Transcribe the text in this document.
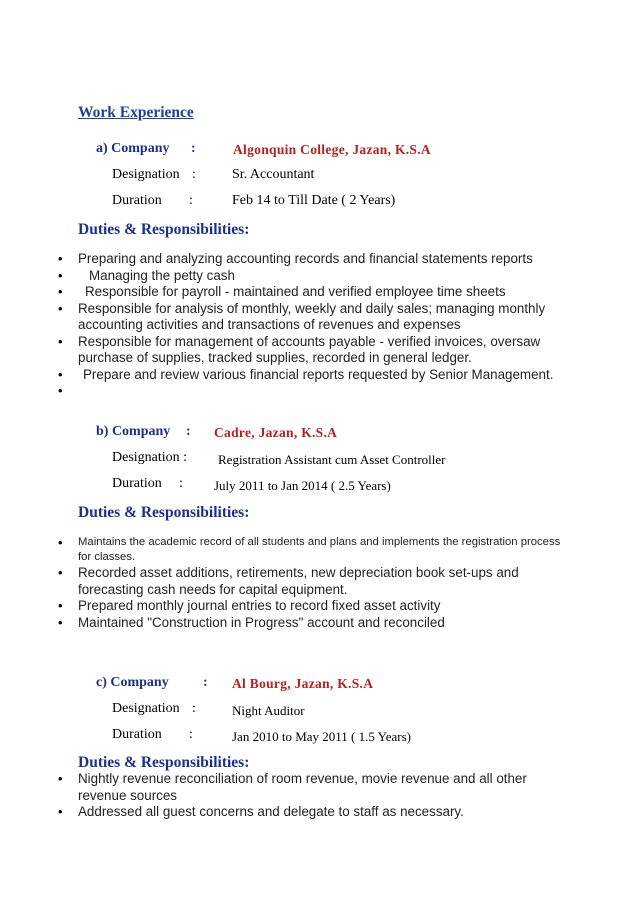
Work Experience
a) Company :	Algonquin College, Jazan, K.S.A
Designation :	Sr. Accountant
Duration :	Feb 14 to Till Date ( 2 Years)
Duties & Responsibilities:
• Preparing and analyzing accounting records and financial statements reports
• Managing the petty cash
• Responsible for payroll - maintained and verified employee time sheets
• Responsible for analysis of monthly, weekly and daily sales; managing monthly accounting activities and transactions of revenues and expenses
• Responsible for management of accounts payable - verified invoices, oversaw purchase of supplies, tracked supplies, recorded in general ledger.
• Prepare and review various financial reports requested by Senior Management.
•
b) Company : Cadre, Jazan, K.S.A
Designation : Registration Assistant cum Asset Controller
Duration : July 2011 to Jan 2014 ( 2.5 Years)
Duties & Responsibilities:
• Maintains the academic record of all students and plans and implements the registration process for classes.
• Recorded asset additions, retirements, new depreciation book set-ups and forecasting cash needs for capital equipment.
• Prepared monthly journal entries to record fixed asset activity
• Maintained "Construction in Progress" account and reconciled
c) Company : Al Bourg, Jazan, K.S.A
Designation :	Night Auditor
Duration :	Jan 2010 to May 2011 ( 1.5 Years)
Duties & Responsibilities:
• Nightly revenue reconciliation of room revenue, movie revenue and all other revenue sources
• Addressed all guest concerns and delegate to staff as necessary.
